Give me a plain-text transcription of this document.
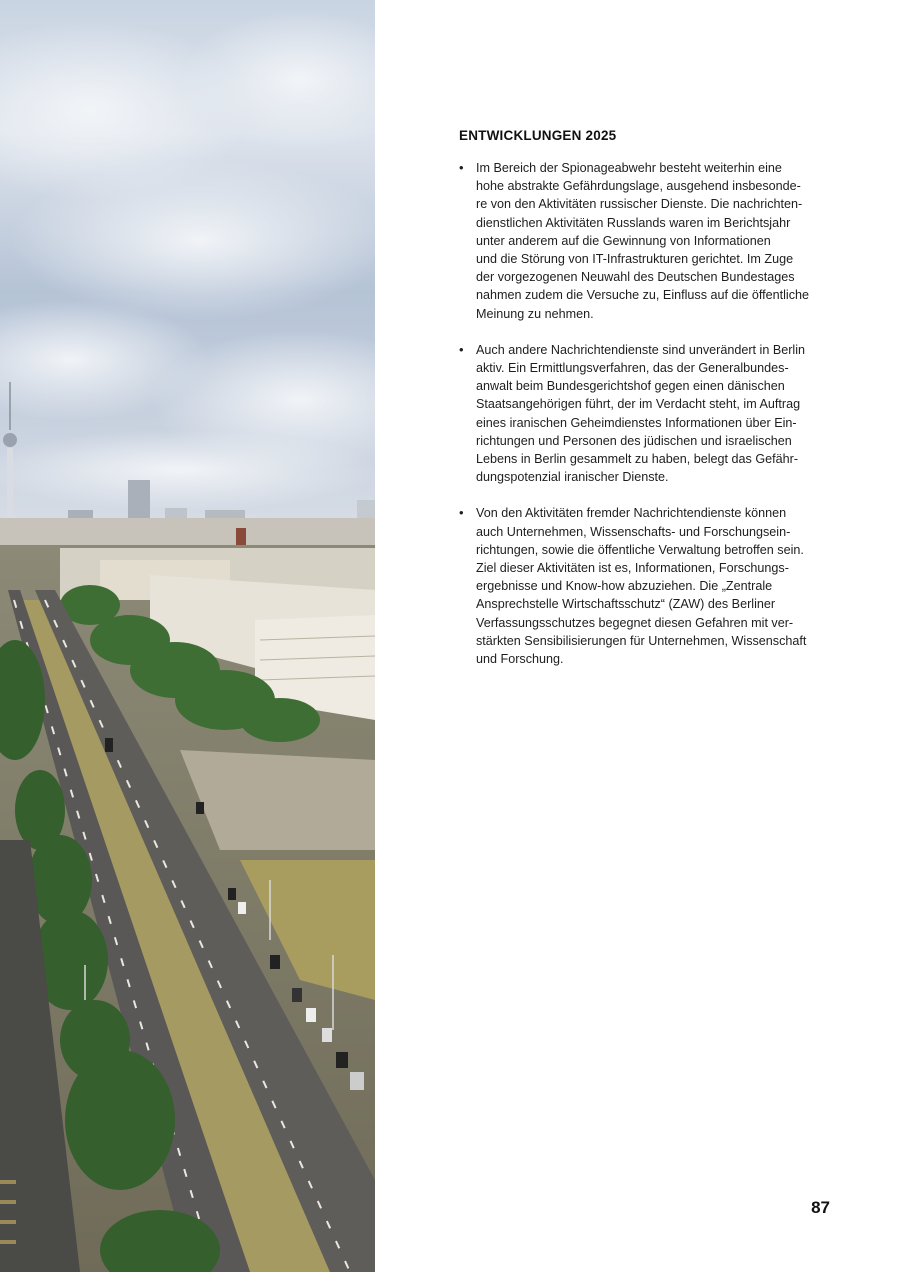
ENTWICKLUNGEN 2025
• Im Bereich der Spionageabwehr besteht weiterhin eine
hohe abstrakte Gefährdungslage, ausgehend insbesonde-
re von den Aktivitäten russischer Dienste. Die nachrichten-
dienstlichen Aktivitäten Russlands waren im Berichtsjahr
unter anderem auf die Gewinnung von Informationen
und die Störung von IT-Infrastrukturen gerichtet. Im Zuge
der vorgezogenen Neuwahl des Deutschen Bundestages
nahmen zudem die Versuche zu, Einfluss auf die öffentliche
Meinung zu nehmen.
• Auch andere Nachrichtendienste sind unverändert in Berlin
aktiv. Ein Ermittlungsverfahren, das der Generalbundes-
anwalt beim Bundesgerichtshof gegen einen dänischen
Staatsangehörigen führt, der im Verdacht steht, im Auftrag
eines iranischen Geheimdienstes Informationen über Ein-
richtungen und Personen des jüdischen und israelischen
Lebens in Berlin gesammelt zu haben, belegt das Gefähr-
dungspotenzial iranischer Dienste.
• Von den Aktivitäten fremder Nachrichtendienste können
auch Unternehmen, Wissenschafts- und Forschungsein-
richtungen, sowie die öffentliche Verwaltung betroffen sein.
Ziel dieser Aktivitäten ist es, Informationen, Forschungs-
ergebnisse und Know-how abzuziehen. Die „Zentrale
Ansprechstelle Wirtschaftsschutz“ (ZAW) des Berliner
Verfassungsschutzes begegnet diesen Gefahren mit ver-
stärkten Sensibilisierungen für Unternehmen, Wissenschaft
und Forschung.
87
